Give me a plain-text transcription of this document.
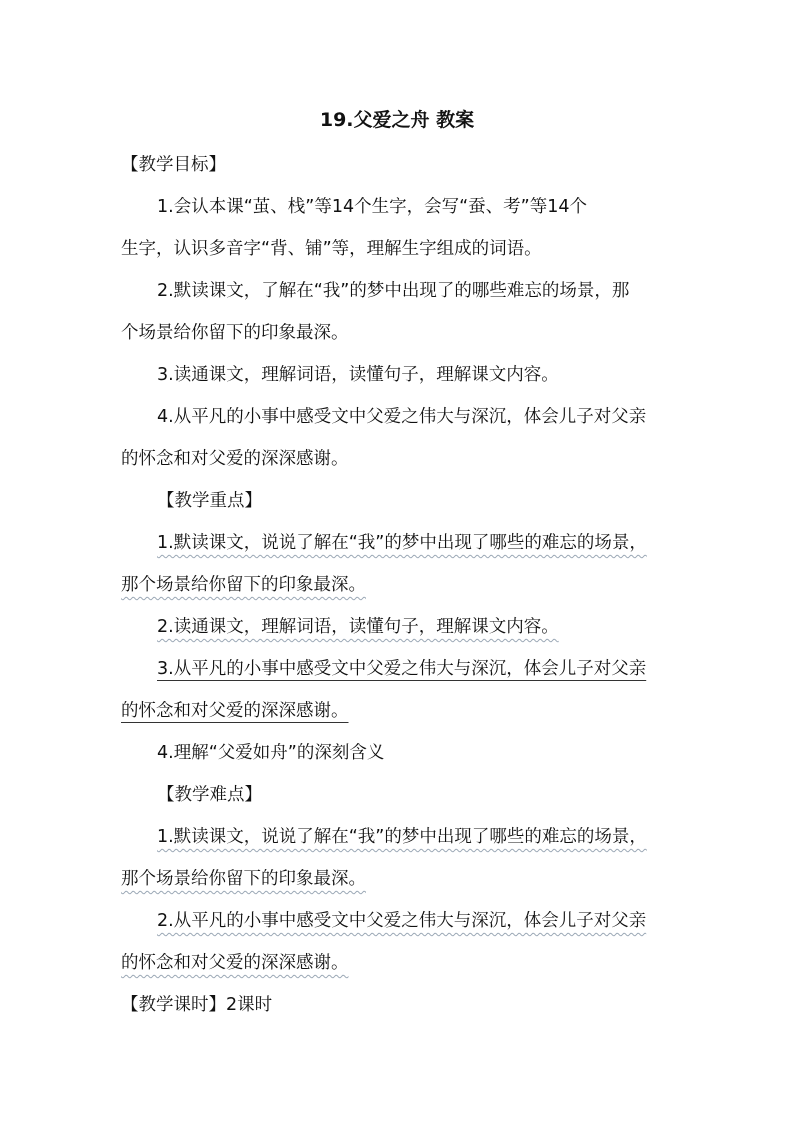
19.父爱之舟 教案
【教学目标】
1.会认本课“茧、栈”等14个生字，会写“蚕、考”等14个
生字，认识多音字“背、铺”等，理解生字组成的词语。
2.默读课文，了解在“我”的梦中出现了的哪些难忘的场景，那
个场景给你留下的印象最深。
3.读通课文，理解词语，读懂句子，理解课文内容。
4.从平凡的小事中感受文中父爱之伟大与深沉，体会儿子对父亲
的怀念和对父爱的深深感谢。
【教学重点】
1.默读课文，说说了解在“我”的梦中出现了哪些的难忘的场景，
那个场景给你留下的印象最深。
2.读通课文，理解词语，读懂句子，理解课文内容。
3.从平凡的小事中感受文中父爱之伟大与深沉，体会儿子对父亲
的怀念和对父爱的深深感谢。
4.理解“父爱如舟”的深刻含义
【教学难点】
1.默读课文，说说了解在“我”的梦中出现了哪些的难忘的场景，
那个场景给你留下的印象最深。
2.从平凡的小事中感受文中父爱之伟大与深沉，体会儿子对父亲
的怀念和对父爱的深深感谢。
【教学课时】2课时
